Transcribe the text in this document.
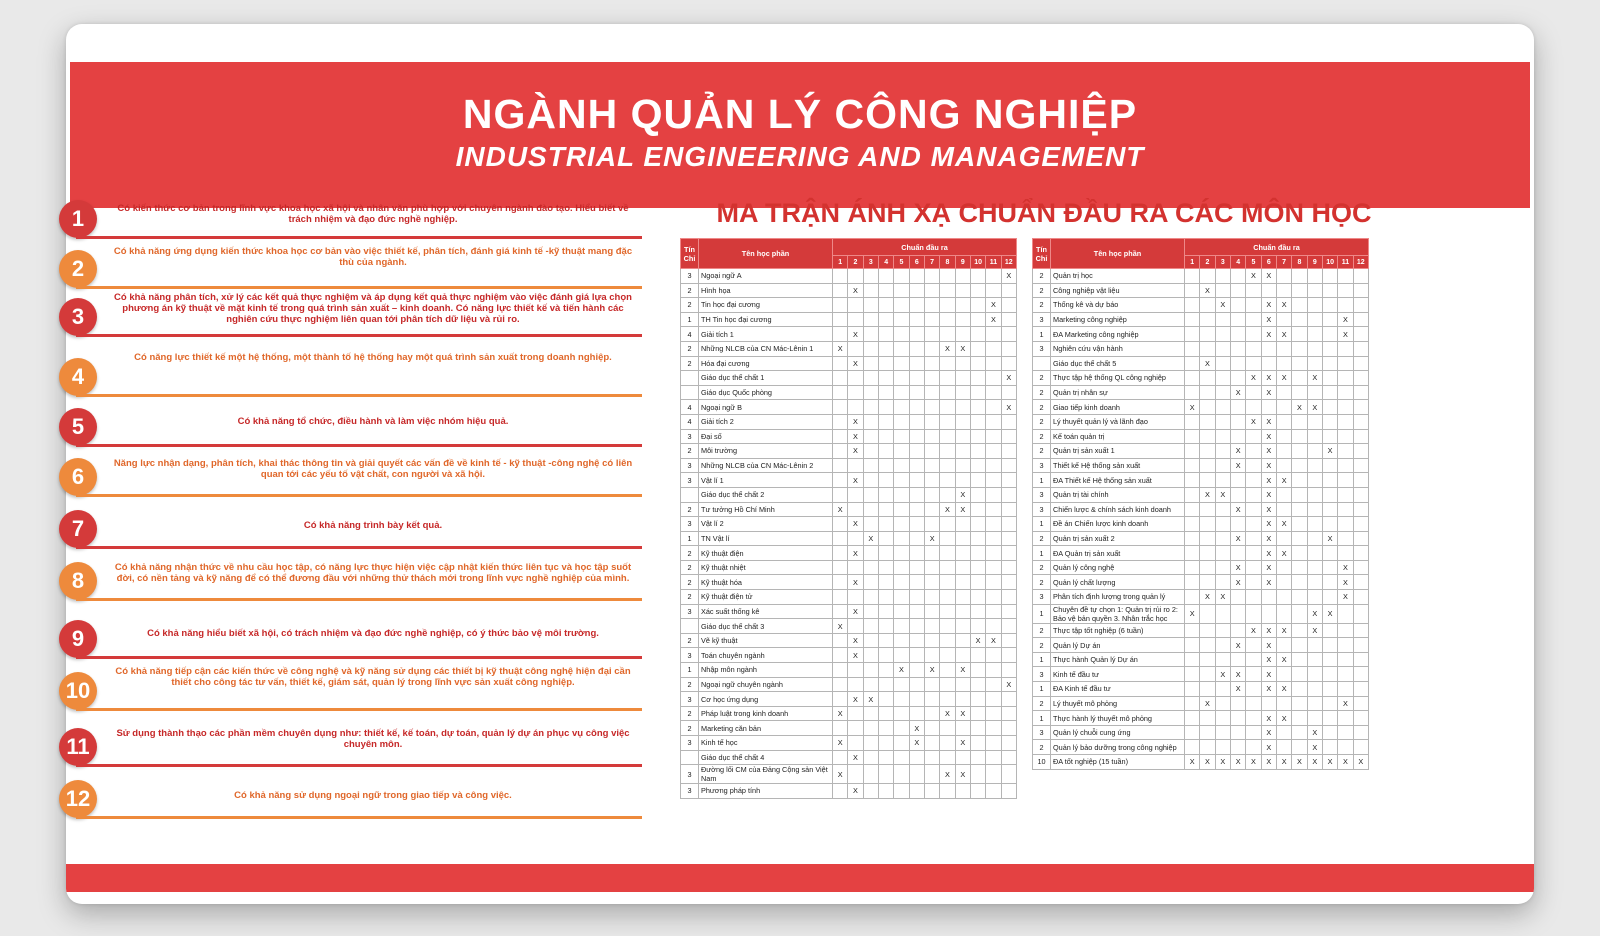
NGÀNH QUẢN LÝ CÔNG NGHIỆP
INDUSTRIAL ENGINEERING AND MANAGEMENT
1	Có kiến thức cơ bản trong lĩnh vực khoa học xã hội và nhân văn phù hợp với chuyên ngành đào tạo. Hiểu biết về trách nhiệm và đạo đức nghề nghiệp.
2
Có khả năng ứng dụng kiến thức khoa học cơ bản vào việc thiết kế, phân tích, đánh giá kinh tế -kỹ thuật mang đặc thù của ngành.
3
Có khả năng phân tích, xử lý các kết quả thực nghiệm và áp dụng kết quả thực nghiệm vào việc đánh giá lựa chọn phương án kỹ thuật về mặt kinh tế trong quá trình sản xuất – kinh doanh. Có năng lực thiết kế và tiến hành các nghiên cứu thực nghiệm liên quan tới phân tích dữ liệu và rủi ro.
4
Có năng lực thiết kế một hệ thống, một thành tố hệ thống hay một quá trình sản xuất trong doanh nghiệp.
5	Có khả năng tổ chức, điều hành và làm việc nhóm hiệu quả.
6
Năng lực nhận dạng, phân tích, khai thác thông tin và giải quyết các vấn đề về kinh tế - kỹ thuật -công nghệ có liên quan tới các yếu tố vật chất, con người và xã hội.
7	Có khả năng trình bày kết quả.
8
Có khả năng nhận thức về nhu cầu học tập, có năng lực thực hiện việc cập nhật kiến thức liên tục và học tập suốt đời, có nền tảng và kỹ năng để có thể đương đầu với những thử thách mới trong lĩnh vực nghề nghiệp của mình.
9	Có khả năng hiểu biết xã hội, có trách nhiệm và đạo đức nghề nghiệp, có ý thức bảo vệ môi trường.
10
Có khả năng tiếp cận các kiến thức về công nghệ và kỹ năng sử dụng các thiết bị kỹ thuật công nghệ hiện đại cần thiết cho công tác tư vấn, thiết kế, giám sát, quản lý trong lĩnh vực sản xuất công nghiệp.
11
Sử dụng thành thạo các phần mềm chuyên dụng như: thiết kế, kế toán, dự toán, quản lý dự án phục vụ công việc chuyên môn.
12	Có khả năng sử dụng ngoại ngữ trong giao tiếp và công việc.
MA TRẬN ÁNH XẠ CHUẨN ĐẦU RA CÁC MÔN HỌC
Tín Chỉ	Tên học phần	Chuẩn đầu ra											
		1	2	3	4	5	6	7	8	9	10	11	12
3	Ngoại ngữ A												X
2	Hình họa		X										
2	Tin học đại cương											X	
1	TH Tin học đại cương											X	
4	Giải tích 1		X										
2	Những NLCB của CN Mác-Lênin 1	X							X	X			
2	Hóa đại cương		X										
	Giáo dục thể chất 1												X
	Giáo dục Quốc phòng												
4	Ngoại ngữ B												X
4	Giải tích 2		X										
3	Đại số		X										
2	Môi trường		X										
3	Những NLCB của CN Mác-Lênin 2												
3	Vật lí 1		X										
	Giáo dục thể chất 2									X			
2	Tư tưởng Hồ Chí Minh	X							X	X			
3	Vật lí 2		X										
1	TN Vật lí			X				X					
2	Kỹ thuật điện		X										
2	Kỹ thuật nhiệt												
2	Kỹ thuật hóa		X										
2	Kỹ thuật điện tử												
3	Xác suất thống kê		X										
	Giáo dục thể chất 3	X											
2	Vẽ kỹ thuật		X								X	X	
3	Toán chuyên ngành		X										
1	Nhập môn ngành					X		X		X			
2	Ngoại ngữ chuyên ngành												X
3	Cơ học ứng dụng		X	X									
2	Pháp luật trong kinh doanh	X							X	X			
2	Marketing căn bản						X						
3	Kinh tế học	X					X			X			
	Giáo dục thể chất 4		X										
3	Đường lối CM của Đảng Cộng sản Việt Nam	X							X	X			
3	Phương pháp tính		X										
Tín Chỉ	Tên học phần	Chuẩn đầu ra											
		1	2	3	4	5	6	7	8	9	10	11	12
2	Quản trị học					X	X						
2	Công nghiệp vật liệu		X										
2	Thống kê và dự báo			X			X	X					
3	Marketing công nghiệp						X					X	
1	ĐA Marketing công nghiệp						X	X				X	
3	Nghiên cứu vận hành												
	Giáo dục thể chất 5		X										
2	Thực tập hệ thống QL công nghiệp					X	X	X		X			
2	Quản trị nhân sự				X		X						
2	Giao tiếp kinh doanh	X							X	X			
2	Lý thuyết quản lý và lãnh đạo					X	X						
2	Kế toán quản trị						X						
2	Quản trị sản xuất 1				X		X				X		
3	Thiết kế Hệ thống sản xuất				X		X						
1	ĐA Thiết kế Hệ thống sản xuất						X	X					
3	Quản trị tài chính		X	X			X						
3	Chiến lược & chính sách kinh doanh				X		X						
1	Đề án Chiến lược kinh doanh						X	X					
2	Quản trị sản xuất 2				X		X				X		
1	ĐA Quản trị sản xuất						X	X					
2	Quản lý công nghệ				X		X					X	
2	Quản lý chất lượng				X		X					X	
3	Phân tích định lượng trong quản lý		X	X								X	
1	Chuyên đề tự chọn 1: Quản trị rủi ro 2: Bảo vệ bản quyền 3. Nhân trắc học	X								X	X		
2	Thực tập tốt nghiệp (6 tuần)					X	X	X		X			
2	Quản lý Dự án				X		X						
1	Thực hành Quản lý Dự án						X	X					
3	Kinh tế đầu tư			X	X		X						
1	ĐA Kinh tế đầu tư				X		X	X					
2	Lý thuyết mô phỏng		X									X	
1	Thực hành lý thuyết mô phỏng						X	X					
3	Quản lý chuỗi cung ứng						X			X			
2	Quản lý bảo dưỡng trong công nghiệp						X			X			
10	ĐA tốt nghiệp (15 tuần)	X	X	X	X	X	X	X	X	X	X	X	X
